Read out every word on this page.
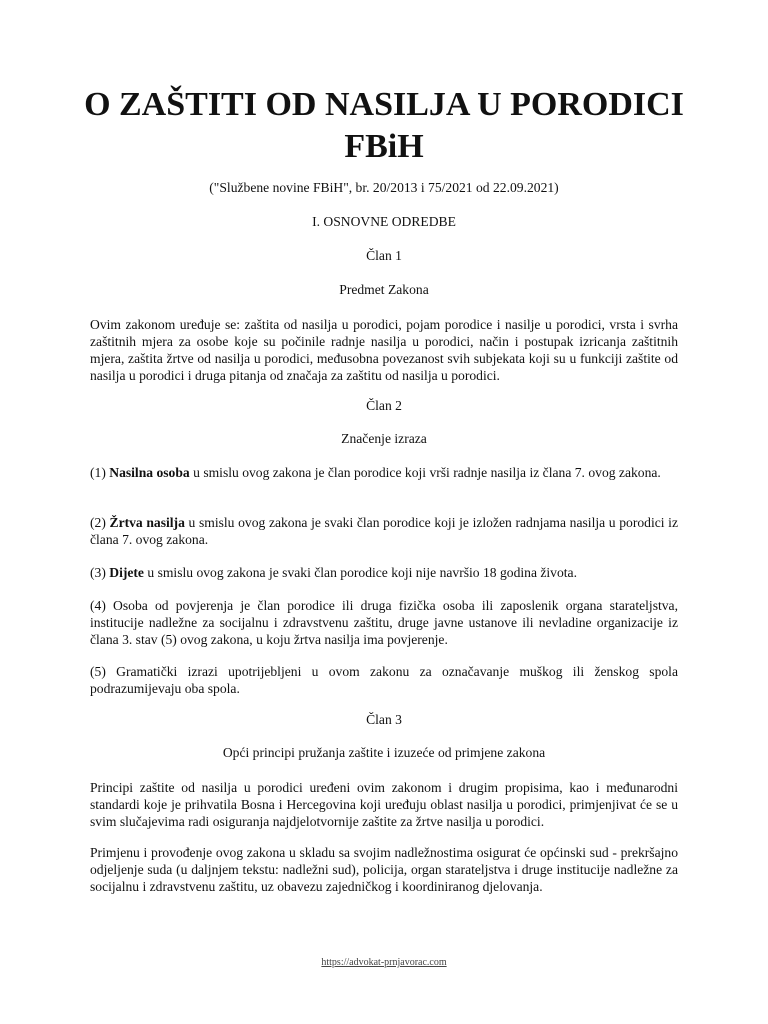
O ZAŠTITI OD NASILJA U PORODICI FBiH

("Službene novine FBiH", br. 20/2013 i 75/2021 od 22.09.2021)

I. OSNOVNE ODREDBE

Član 1

Predmet Zakona

Ovim zakonom uređuje se: zaštita od nasilja u porodici, pojam porodice i nasilje u porodici, vrsta i svrha zaštitnih mjera za osobe koje su počinile radnje nasilja u porodici, način i postupak izricanja zaštitnih mjera, zaštita žrtve od nasilja u porodici, međusobna povezanost svih subjekata koji su u funkciji zaštite od nasilja u porodici i druga pitanja od značaja za zaštitu od nasilja u porodici.

Član 2

Značenje izraza

(1) Nasilna osoba u smislu ovog zakona je član porodice koji vrši radnje nasilja iz člana 7. ovog zakona.

(2) Žrtva nasilja u smislu ovog zakona je svaki član porodice koji je izložen radnjama nasilja u porodici iz člana 7. ovog zakona.

(3) Dijete u smislu ovog zakona je svaki član porodice koji nije navršio 18 godina života.

(4) Osoba od povjerenja je član porodice ili druga fizička osoba ili zaposlenik organa starateljstva, institucije nadležne za socijalnu i zdravstvenu zaštitu, druge javne ustanove ili nevladine organizacije iz člana 3. stav (5) ovog zakona, u koju žrtva nasilja ima povjerenje.

(5) Gramatički izrazi upotrijebljeni u ovom zakonu za označavanje muškog ili ženskog spola podrazumijevaju oba spola.

Član 3

Opći principi pružanja zaštite i izuzeće od primjene zakona

Principi zaštite od nasilja u porodici uređeni ovim zakonom i drugim propisima, kao i međunarodni standardi koje je prihvatila Bosna i Hercegovina koji uređuju oblast nasilja u porodici, primjenjivat će se u svim slučajevima radi osiguranja najdjelotvornije zaštite za žrtve nasilja u porodici.

Primjenu i provođenje ovog zakona u skladu sa svojim nadležnostima osigurat će općinski sud - prekršajno odjeljenje suda (u daljnjem tekstu: nadležni sud), policija, organ starateljstva i druge institucije nadležne za socijalnu i zdravstvenu zaštitu, uz obavezu zajedničkog i koordiniranog djelovanja.

https://advokat-prnjavorac.com
